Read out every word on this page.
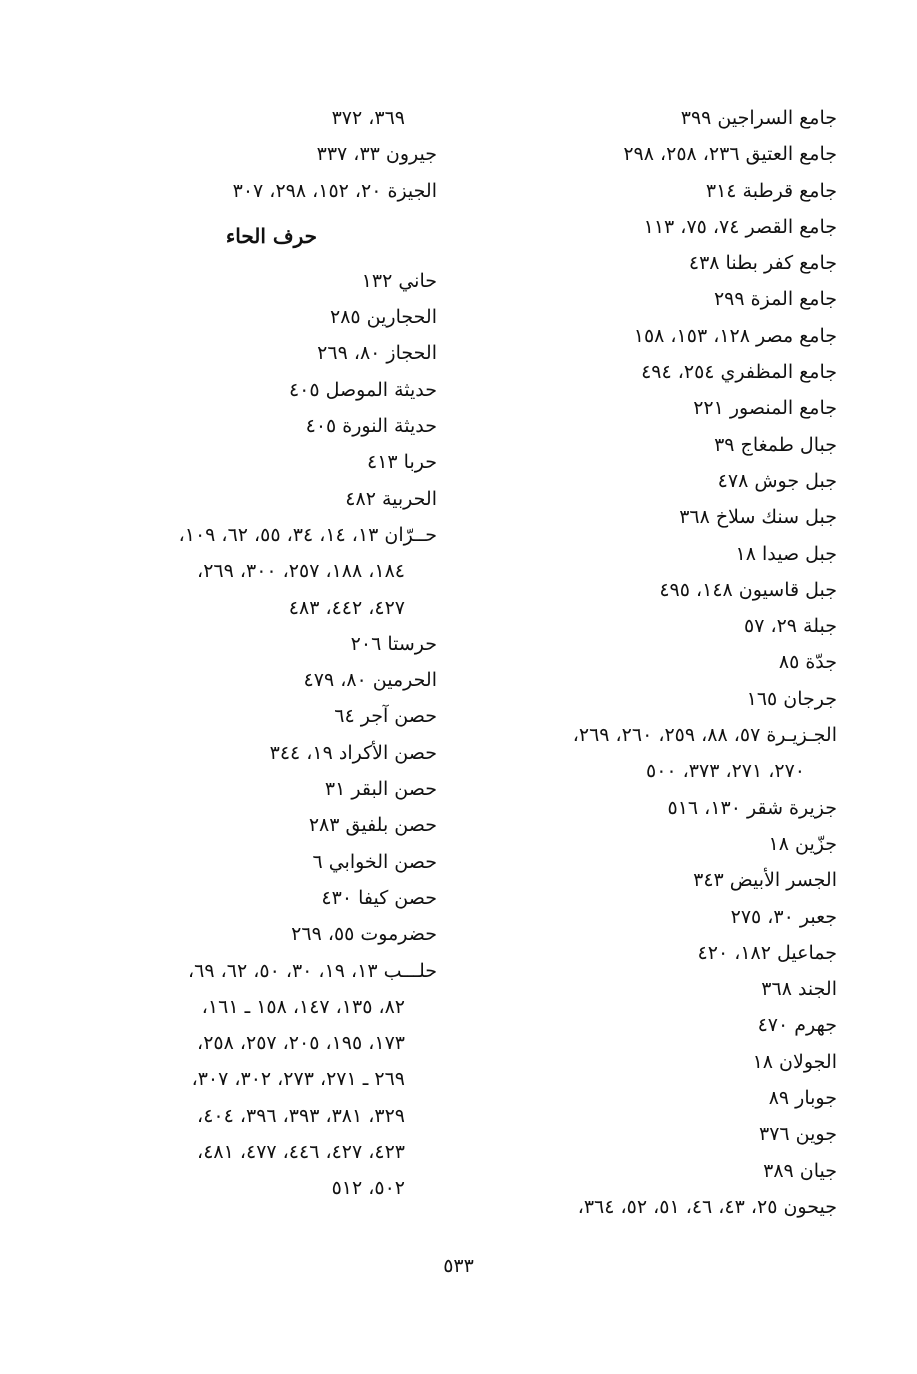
جامع السراجين ٣٩٩
جامع العتيق ٢٣٦، ٢٥٨، ٢٩٨
جامع قرطبة ٣١٤
جامع القصر ٧٤، ٧٥، ١١٣
جامع كفر بطنا ٤٣٨
جامع المزة ٢٩٩
جامع مصر ١٢٨، ١٥٣، ١٥٨
جامع المظفري ٢٥٤، ٤٩٤
جامع المنصور ٢٢١
جبال طمغاج ٣٩
جبل جوش ٤٧٨
جبل سنك سلاخ ٣٦٨
جبل صيدا ١٨
جبل قاسيون ١٤٨، ٤٩٥
جبلة ٢٩، ٥٧
جدّة ٨٥
جرجان ١٦٥
الجـزيـرة ٥٧، ٨٨، ٢٥٩، ٢٦٠، ٢٦٩،
٢٧٠، ٢٧١، ٣٧٣، ٥٠٠
جزيرة شقر ١٣٠، ٥١٦
جزّين ١٨
الجسر الأبيض ٣٤٣
جعبر ٣٠، ٢٧٥
جماعيل ١٨٢، ٤٢٠
الجند ٣٦٨
جهرم ٤٧٠
الجولان ١٨
جوبار ٨٩
جوين ٣٧٦
جيان ٣٨٩
جيحون ٢٥، ٤٣، ٤٦، ٥١، ٥٢، ٣٦٤،
٣٦٩، ٣٧٢
جيرون ٣٣، ٣٣٧
الجيزة ٢٠، ١٥٢، ٢٩٨، ٣٠٧
حرف الحاء
حاني ١٣٢
الحجارين ٢٨٥
الحجاز ٨٠، ٢٦٩
حديثة الموصل ٤٠٥
حديثة النورة ٤٠٥
حربا ٤١٣
الحربية ٤٨٢
حــرّان ١٣، ١٤، ٣٤، ٥٥، ٦٢، ١٠٩،
١٨٤، ١٨٨، ٢٥٧، ٣٠٠، ٢٦٩،
٤٢٧، ٤٤٢، ٤٨٣
حرستا ٢٠٦
الحرمين ٨٠، ٤٧٩
حصن آجر ٦٤
حصن الأكراد ١٩، ٣٤٤
حصن البقر ٣١
حصن بلفيق ٢٨٣
حصن الخوابي ٦
حصن كيفا ٤٣٠
حضرموت ٥٥، ٢٦٩
حلـــب ١٣، ١٩، ٣٠، ٥٠، ٦٢، ٦٩،
٨٢، ١٣٥، ١٤٧، ١٥٨ ـ ١٦١،
١٧٣، ١٩٥، ٢٠٥، ٢٥٧، ٢٥٨،
٢٦٩ ـ ٢٧١، ٢٧٣، ٣٠٢، ٣٠٧،
٣٢٩، ٣٨١، ٣٩٣، ٣٩٦، ٤٠٤،
٤٢٣، ٤٢٧، ٤٤٦، ٤٧٧، ٤٨١،
٥٠٢، ٥١٢
٥٣٣
